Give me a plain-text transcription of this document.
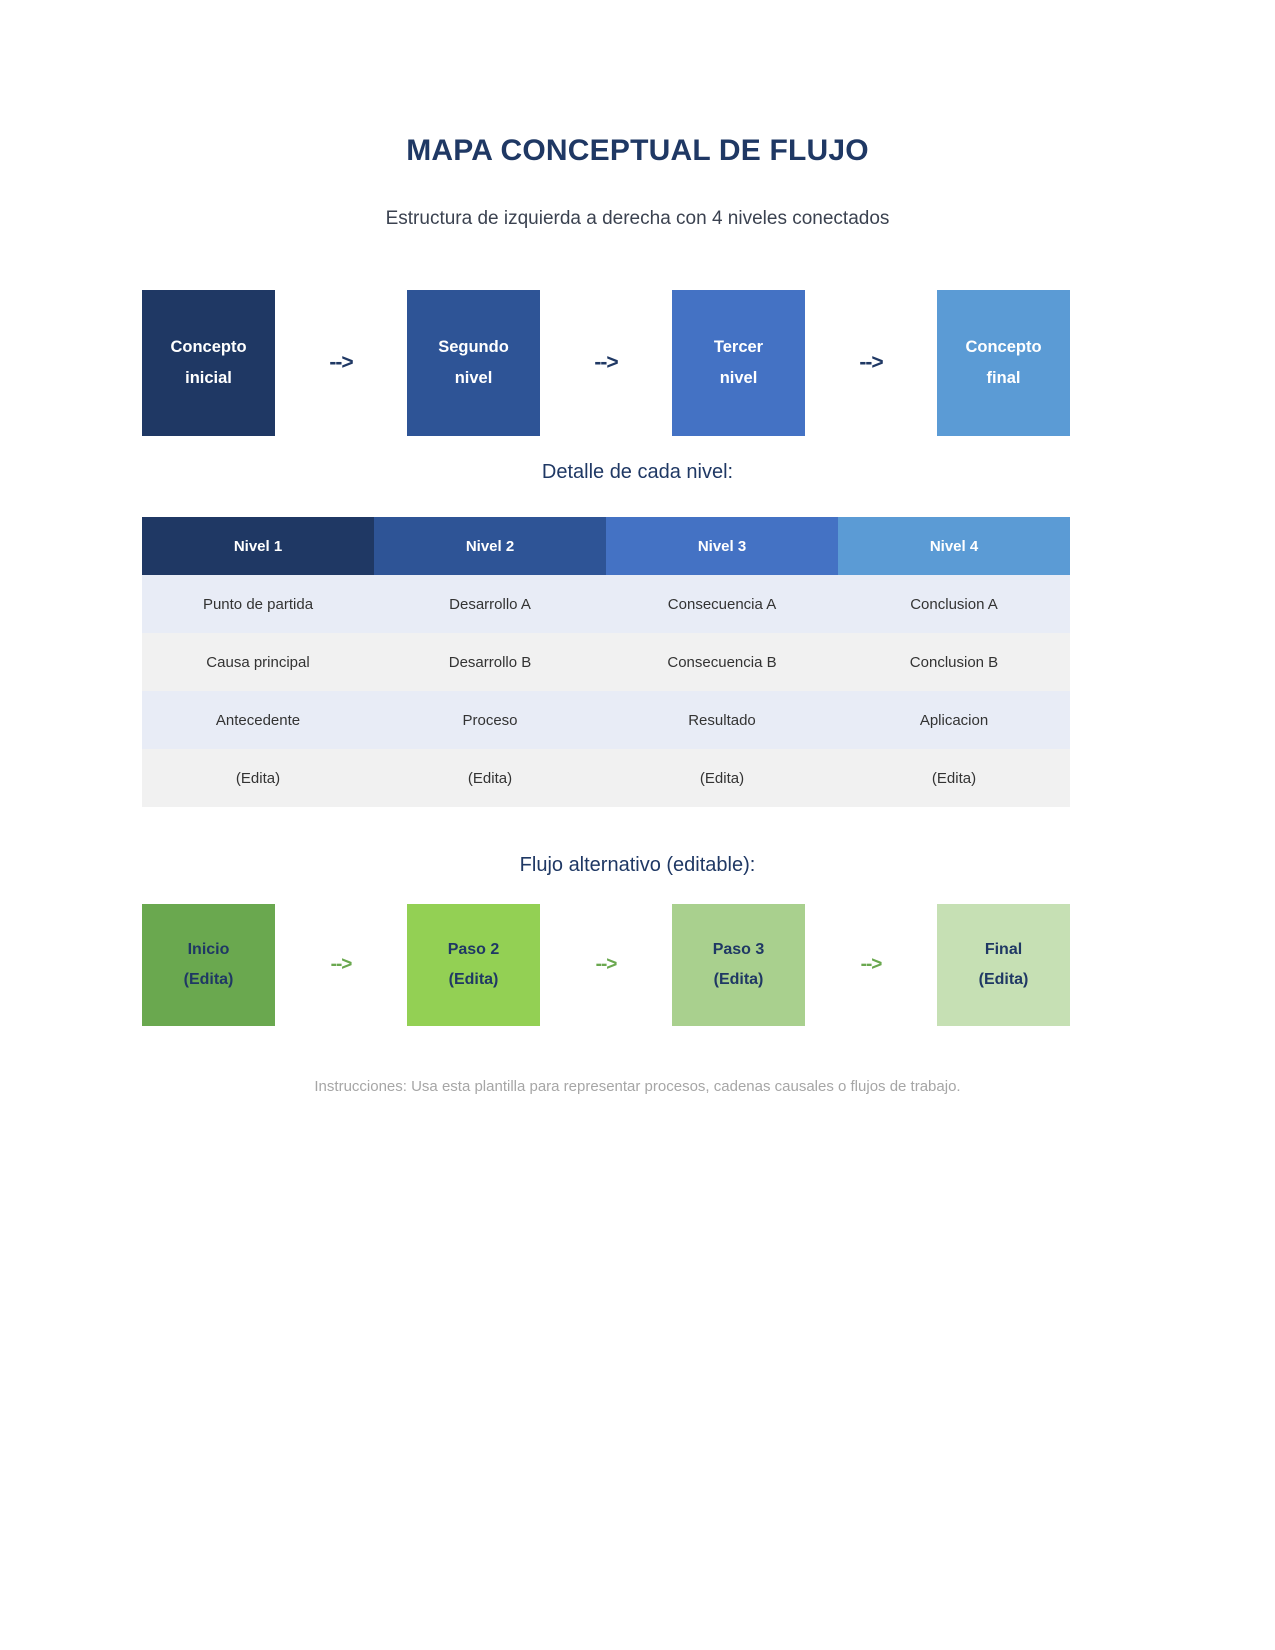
MAPA CONCEPTUAL DE FLUJO
Estructura de izquierda a derecha con 4 niveles conectados
Concepto
inicial
-->
Segundo
nivel
-->
Tercer
nivel
-->
Concepto
final
Detalle de cada nivel:
Nivel 1	Nivel 2	Nivel 3	Nivel 4
Punto de partida	Desarrollo A	Consecuencia A	Conclusion A
Causa principal	Desarrollo B	Consecuencia B	Conclusion B
Antecedente	Proceso	Resultado	Aplicacion
(Edita)	(Edita)	(Edita)	(Edita)
Flujo alternativo (editable):
Inicio
(Edita)
-->
Paso 2
(Edita)
-->
Paso 3
(Edita)
-->
Final
(Edita)
Instrucciones: Usa esta plantilla para representar procesos, cadenas causales o flujos de trabajo.
